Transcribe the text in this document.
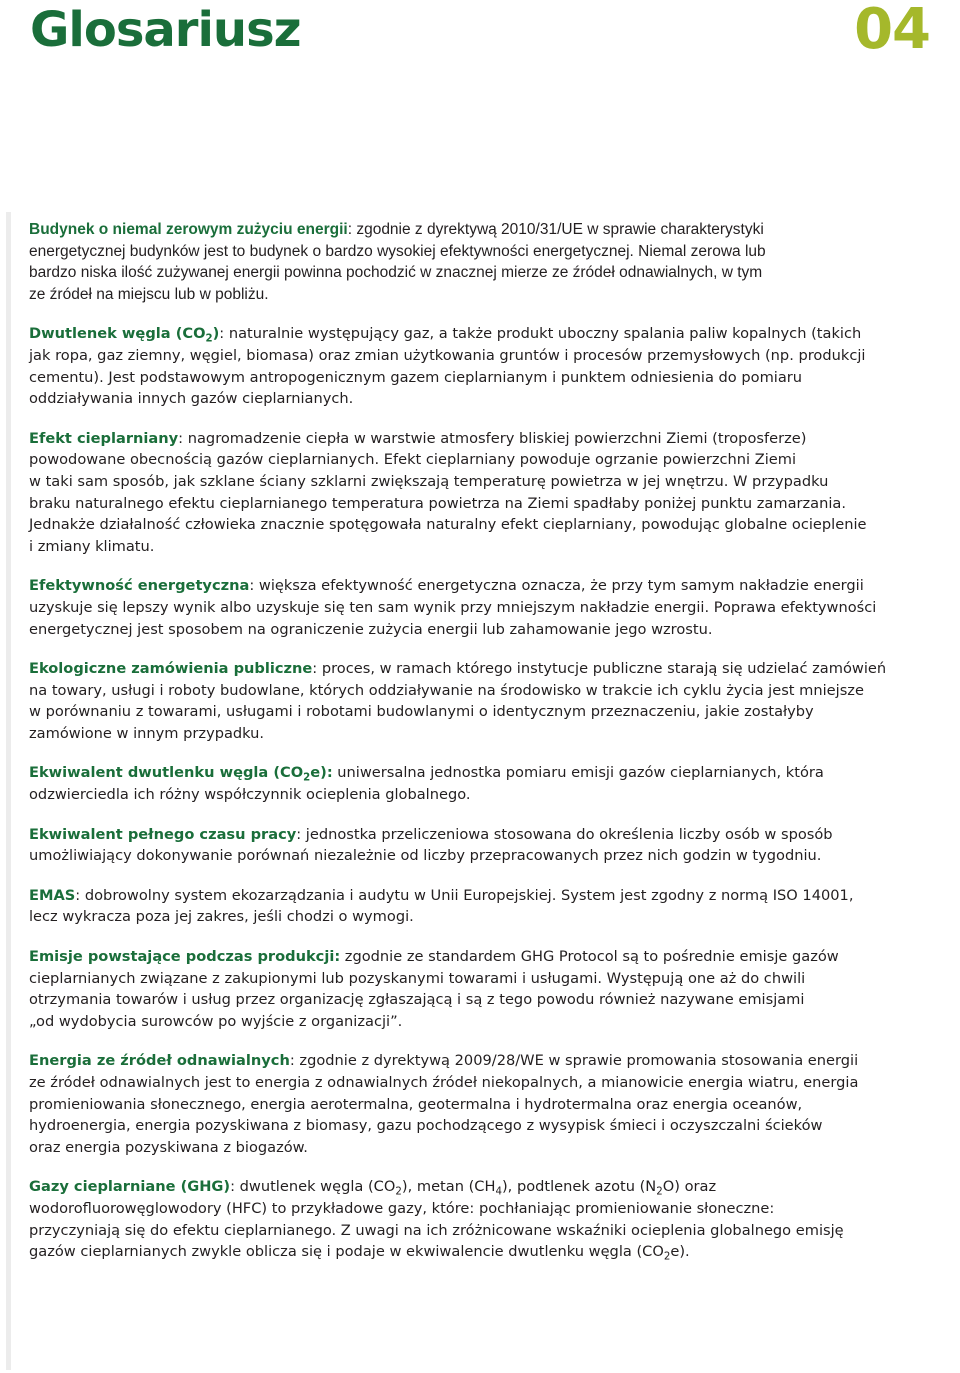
Glosariusz	04

Budynek o niemal zerowym zużyciu energii: zgodnie z dyrektywą 2010/31/UE w sprawie charakterystyki
energetycznej budynków jest to budynek o bardzo wysokiej efektywności energetycznej. Niemal zerowa lub
bardzo niska ilość zużywanej energii powinna pochodzić w znacznej mierze ze źródeł odnawialnych, w tym
ze źródeł na miejscu lub w pobliżu.

Dwutlenek węgla $(CO_2)$: naturalnie występujący gaz, a także produkt uboczny spalania paliw kopalnych (takich
jak ropa, gaz ziemny, węgiel, biomasa) oraz zmian użytkowania gruntów i procesów przemysłowych (np. produkcji
cementu). Jest podstawowym antropogenicznym gazem cieplarnianym i punktem odniesienia do pomiaru
oddziaływania innych gazów cieplarnianych.

Efekt cieplarniany: nagromadzenie ciepła w warstwie atmosfery bliskiej powierzchni Ziemi (troposferze)
powodowane obecnością gazów cieplarnianych. Efekt cieplarniany powoduje ogrzanie powierzchni Ziemi
w taki sam sposób, jak szklane ściany szklarni zwiększają temperaturę powietrza w jej wnętrzu. W przypadku
braku naturalnego efektu cieplarnianego temperatura powietrza na Ziemi spadłaby poniżej punktu zamarzania.
Jednakże działalność człowieka znacznie spotęgowała naturalny efekt cieplarniany, powodując globalne ocieplenie
i zmiany klimatu.

Efektywność energetyczna: większa efektywność energetyczna oznacza, że przy tym samym nakładzie energii
uzyskuje się lepszy wynik albo uzyskuje się ten sam wynik przy mniejszym nakładzie energii. Poprawa efektywności
energetycznej jest sposobem na ograniczenie zużycia energii lub zahamowanie jego wzrostu.

Ekologiczne zamówienia publiczne: proces, w ramach którego instytucje publiczne starają się udzielać zamówień
na towary, usługi i roboty budowlane, których oddziaływanie na środowisko w trakcie ich cyklu życia jest mniejsze
w porównaniu z towarami, usługami i robotami budowlanymi o identycznym przeznaczeniu, jakie zostałyby
zamówione w innym przypadku.

Ekwiwalent dwutlenku węgla $(CO_2e)$: uniwersalna jednostka pomiaru emisji gazów cieplarnianych, która
odzwierciedla ich różny współczynnik ocieplenia globalnego.

Ekwiwalent pełnego czasu pracy: jednostka przeliczeniowa stosowana do określenia liczby osób w sposób
umożliwiający dokonywanie porównań niezależnie od liczby przepracowanych przez nich godzin w tygodniu.

EMAS: dobrowolny system ekozarządzania i audytu w Unii Europejskiej. System jest zgodny z normą ISO 14001,
lecz wykracza poza jej zakres, jeśli chodzi o wymogi.

Emisje powstające podczas produkcji: zgodnie ze standardem GHG Protocol są to pośrednie emisje gazów
cieplarnianych związane z zakupionymi lub pozyskanymi towarami i usługami. Występują one aż do chwili
otrzymania towarów i usług przez organizację zgłaszającą i są z tego powodu również nazywane emisjami
„od wydobycia surowców po wyjście z organizacji”.

Energia ze źródeł odnawialnych: zgodnie z dyrektywą 2009/28/WE w sprawie promowania stosowania energii
ze źródeł odnawialnych jest to energia z odnawialnych źródeł niekopalnych, a mianowicie energia wiatru, energia
promieniowania słonecznego, energia aerotermalna, geotermalna i hydrotermalna oraz energia oceanów,
hydroenergia, energia pozyskiwana z biomasy, gazu pochodzącego z wysypisk śmieci i oczyszczalni ścieków
oraz energia pozyskiwana z biogazów.

Gazy cieplarniane (GHG): dwutlenek węgla $(CO_2)$, metan $(CH_4)$, podtlenek azotu $(N_2O)$ oraz
wodorofluorowęglowodory (HFC) to przykładowe gazy, które: pochłaniając promieniowanie słoneczne:
przyczyniają się do efektu cieplarnianego. Z uwagi na ich zróżnicowane wskaźniki ocieplenia globalnego emisję
gazów cieplarnianych zwykle oblicza się i podaje w ekwiwalencie dwutlenku węgla $(CO_2e)$.
